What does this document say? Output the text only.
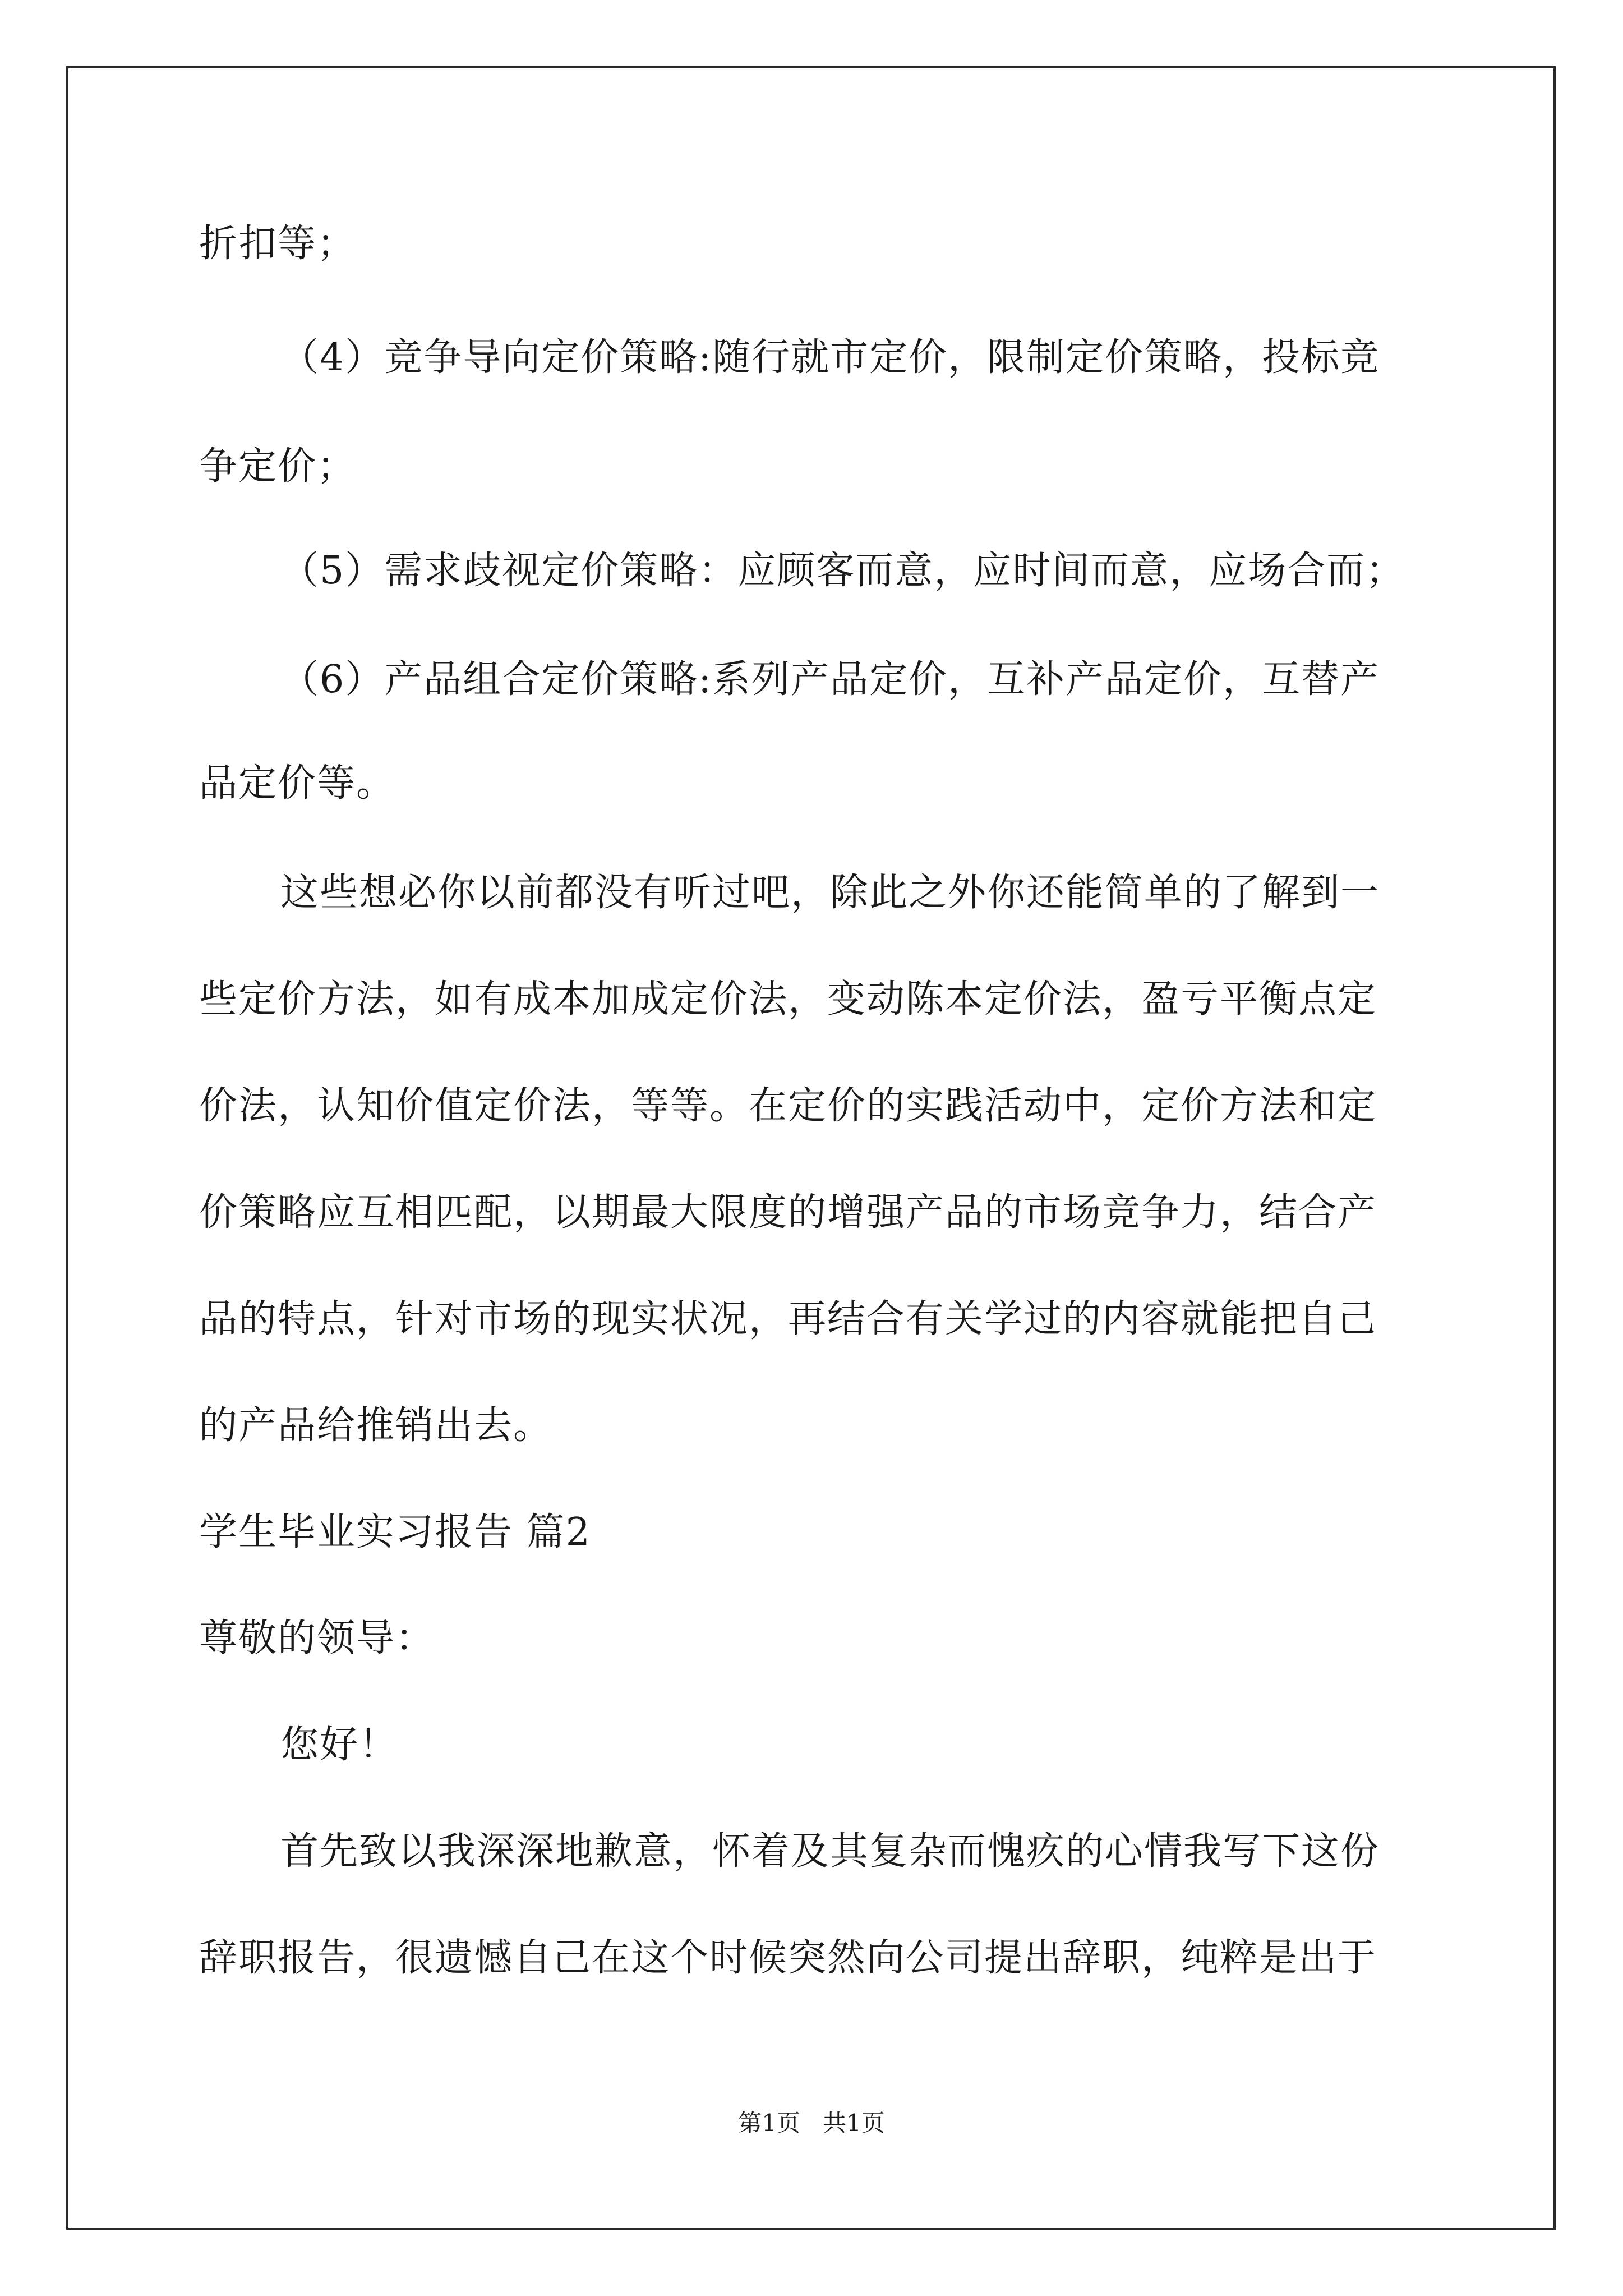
折扣等；
（4）竞争导向定价策略:随行就市定价，限制定价策略，投标竞
争定价；
（5）需求歧视定价策略：应顾客而意，应时间而意，应场合而；
（6）产品组合定价策略:系列产品定价，互补产品定价，互替产
品定价等。
这些想必你以前都没有听过吧，除此之外你还能简单的了解到一
些定价方法，如有成本加成定价法，变动陈本定价法，盈亏平衡点定
价法，认知价值定价法，等等。在定价的实践活动中，定价方法和定
价策略应互相匹配，以期最大限度的增强产品的市场竞争力，结合产
品的特点，针对市场的现实状况，再结合有关学过的内容就能把自己
的产品给推销出去。
学生毕业实习报告 篇2
尊敬的领导：
您好！
首先致以我深深地歉意，怀着及其复杂而愧疚的心情我写下这份
辞职报告，很遗憾自己在这个时候突然向公司提出辞职，纯粹是出于
第1页   共1页
